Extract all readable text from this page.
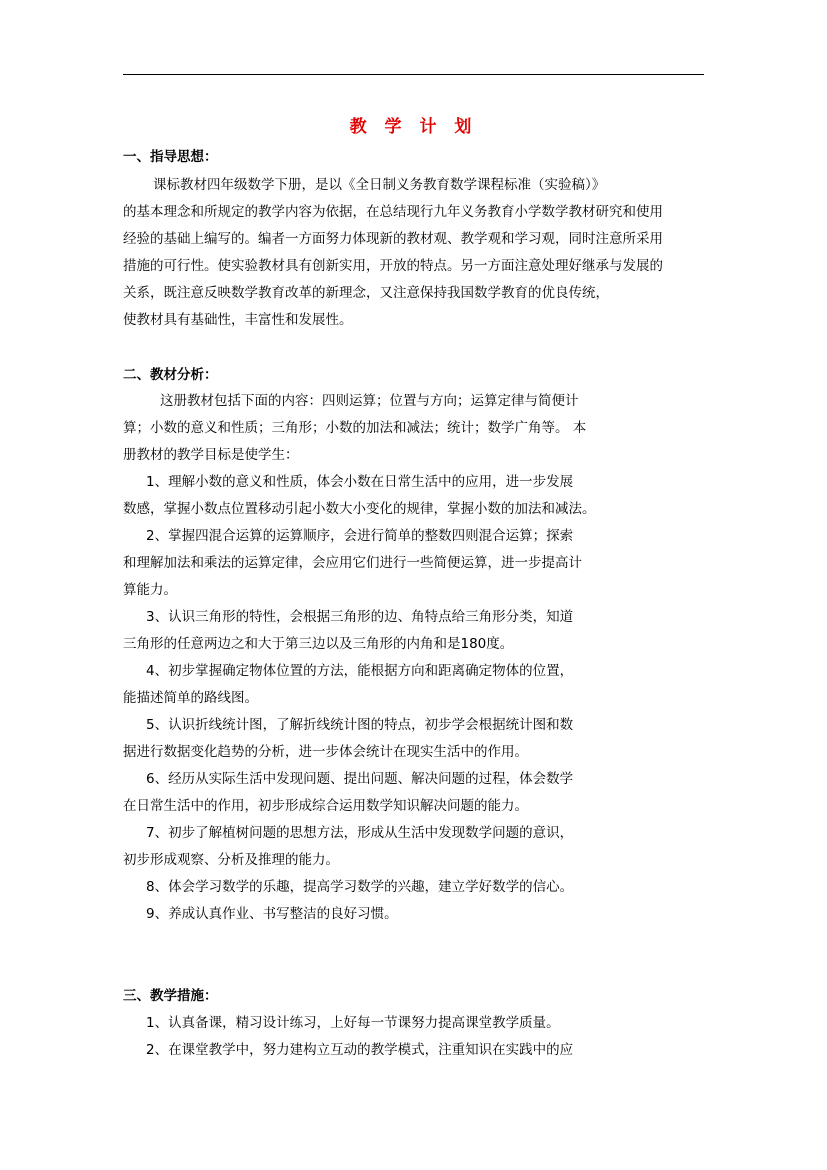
教 学 计 划
一、指导思想：
课标教材四年级数学下册，是以《全日制义务教育数学课程标准（实验稿）》
的基本理念和所规定的教学内容为依据，在总结现行九年义务教育小学数学教材研究和使用
经验的基础上编写的。编者一方面努力体现新的教材观、教学观和学习观，同时注意所采用
措施的可行性。使实验教材具有创新实用，开放的特点。另一方面注意处理好继承与发展的
关系，既注意反映数学教育改革的新理念，又注意保持我国数学教育的优良传统，
使教材具有基础性，丰富性和发展性。
二、教材分析：
这册教材包括下面的内容：四则运算；位置与方向；运算定律与简便计
算；小数的意义和性质；三角形；小数的加法和减法；统计；数学广角等。 本
册教材的教学目标是使学生：
1、理解小数的意义和性质，体会小数在日常生活中的应用，进一步发展
数感，掌握小数点位置移动引起小数大小变化的规律，掌握小数的加法和减法。
2、掌握四混合运算的运算顺序，会进行简单的整数四则混合运算；探索
和理解加法和乘法的运算定律，会应用它们进行一些简便运算，进一步提高计
算能力。
3、认识三角形的特性，会根据三角形的边、角特点给三角形分类，知道
三角形的任意两边之和大于第三边以及三角形的内角和是180度。
4、初步掌握确定物体位置的方法，能根据方向和距离确定物体的位置，
能描述简单的路线图。
5、认识折线统计图，了解折线统计图的特点，初步学会根据统计图和数
据进行数据变化趋势的分析，进一步体会统计在现实生活中的作用。
6、经历从实际生活中发现问题、提出问题、解决问题的过程，体会数学
在日常生活中的作用，初步形成综合运用数学知识解决问题的能力。
7、初步了解植树问题的思想方法，形成从生活中发现数学问题的意识，
初步形成观察、分析及推理的能力。
8、体会学习数学的乐趣，提高学习数学的兴趣，建立学好数学的信心。
9、养成认真作业、书写整洁的良好习惯。
三、教学措施：
1、认真备课，精习设计练习，上好每一节课努力提高课堂教学质量。
2、在课堂教学中，努力建构立互动的教学模式，注重知识在实践中的应
